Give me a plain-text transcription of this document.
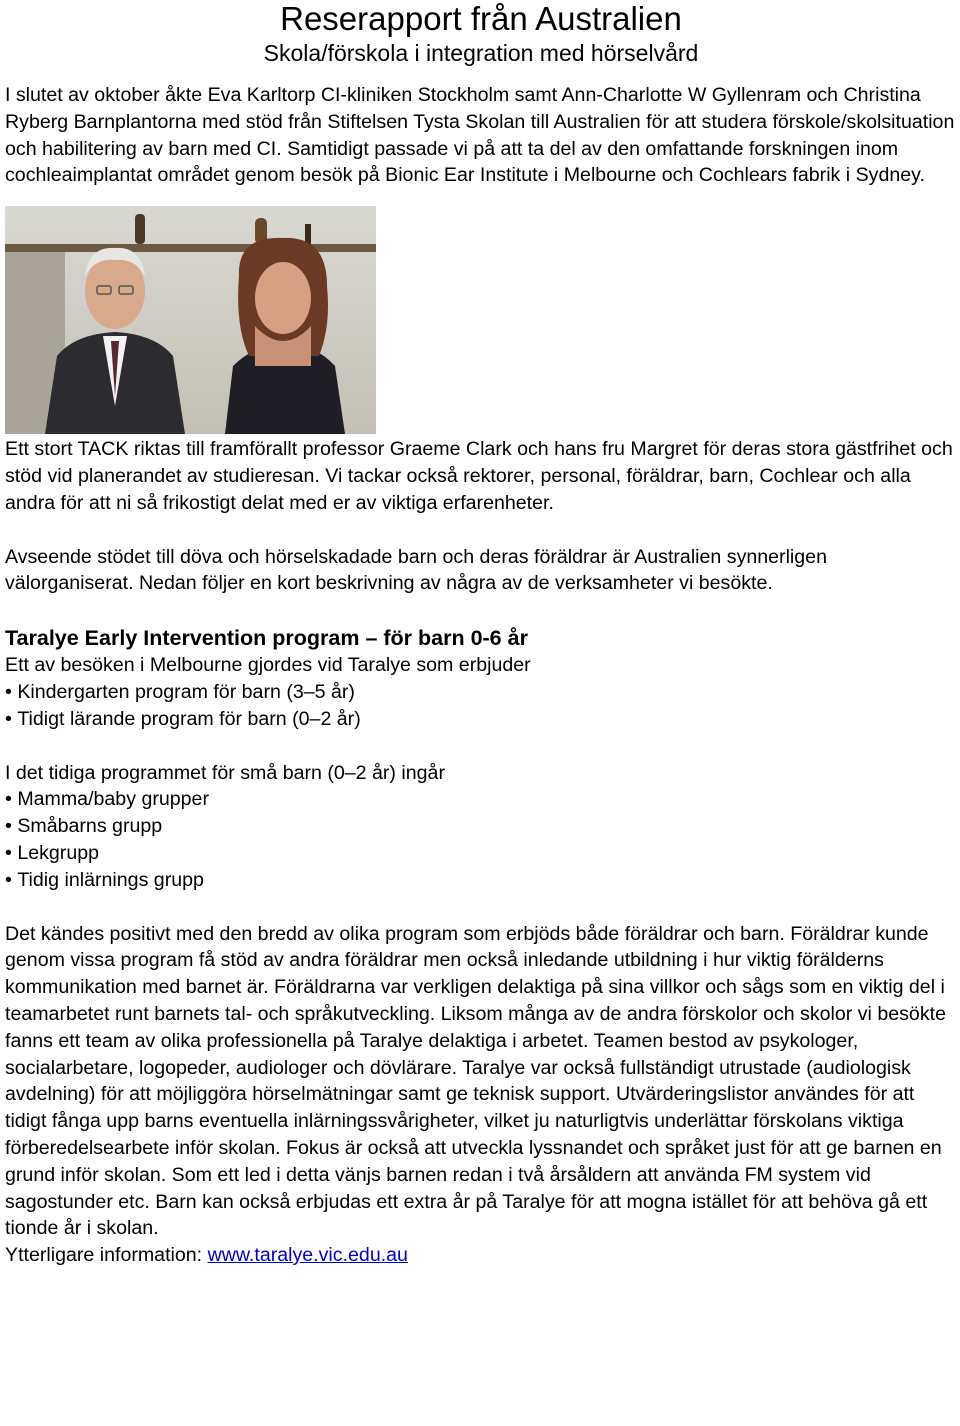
Reserapport från Australien
Skola/förskola i integration med hörselvård

I slutet av oktober åkte Eva Karltorp CI-kliniken Stockholm samt Ann-Charlotte W Gyllenram och Christina Ryberg Barnplantorna med stöd från Stiftelsen Tysta Skolan till Australien för att studera förskole/skolsituation och habilitering av barn med CI. Samtidigt passade vi på att ta del av den omfattande forskningen inom cochleaimplantat området genom besök på Bionic Ear Institute i Melbourne och Cochlears fabrik i Sydney.

Ett stort TACK riktas till framförallt professor Graeme Clark och hans fru Margret för deras stora gästfrihet och stöd vid planerandet av studieresan. Vi tackar också rektorer, personal, föräldrar, barn, Cochlear och alla andra för att ni så frikostigt delat med er av viktiga erfarenheter.

Avseende stödet till döva och hörselskadade barn och deras föräldrar är Australien synnerligen välorganiserat. Nedan följer en kort beskrivning av några av de verksamheter vi besökte.

Taralye Early Intervention program – för barn 0-6 år

Ett av besöken i Melbourne gjordes vid Taralye som erbjuder

• Kindergarten program för barn (3–5 år)
• Tidigt lärande program för barn (0–2 år)

I det tidiga programmet för små barn (0–2 år) ingår

• Mamma/baby grupper
• Småbarns grupp
• Lekgrupp
• Tidig inlärnings grupp

Det kändes positivt med den bredd av olika program som erbjöds både föräldrar och barn. Föräldrar kunde genom vissa program få stöd av andra föräldrar men också inledande utbildning i hur viktig förälderns kommunikation med barnet är. Föräldrarna var verkligen delaktiga på sina villkor och sågs som en viktig del i teamarbetet runt barnets tal- och språkutveckling. Liksom många av de andra förskolor och skolor vi besökte fanns ett team av olika professionella på Taralye delaktiga i arbetet. Teamen bestod av psykologer, socialarbetare, logopeder, audiologer och dövlärare. Taralye var också fullständigt utrustade (audiologisk avdelning) för att möjliggöra hörselmätningar samt ge teknisk support. Utvärderingslistor användes för att tidigt fånga upp barns eventuella inlärningssvårigheter, vilket ju naturligtvis underlättar förskolans viktiga förberedelsearbete inför skolan. Fokus är också att utveckla lyssnandet och språket just för att ge barnen en grund inför skolan. Som ett led i detta vänjs barnen redan i två årsåldern att använda FM system vid sagostunder etc. Barn kan också erbjudas ett extra år på Taralye för att mogna istället för att behöva gå ett tionde år i skolan.

Ytterligare information: www.taralye.vic.edu.au
